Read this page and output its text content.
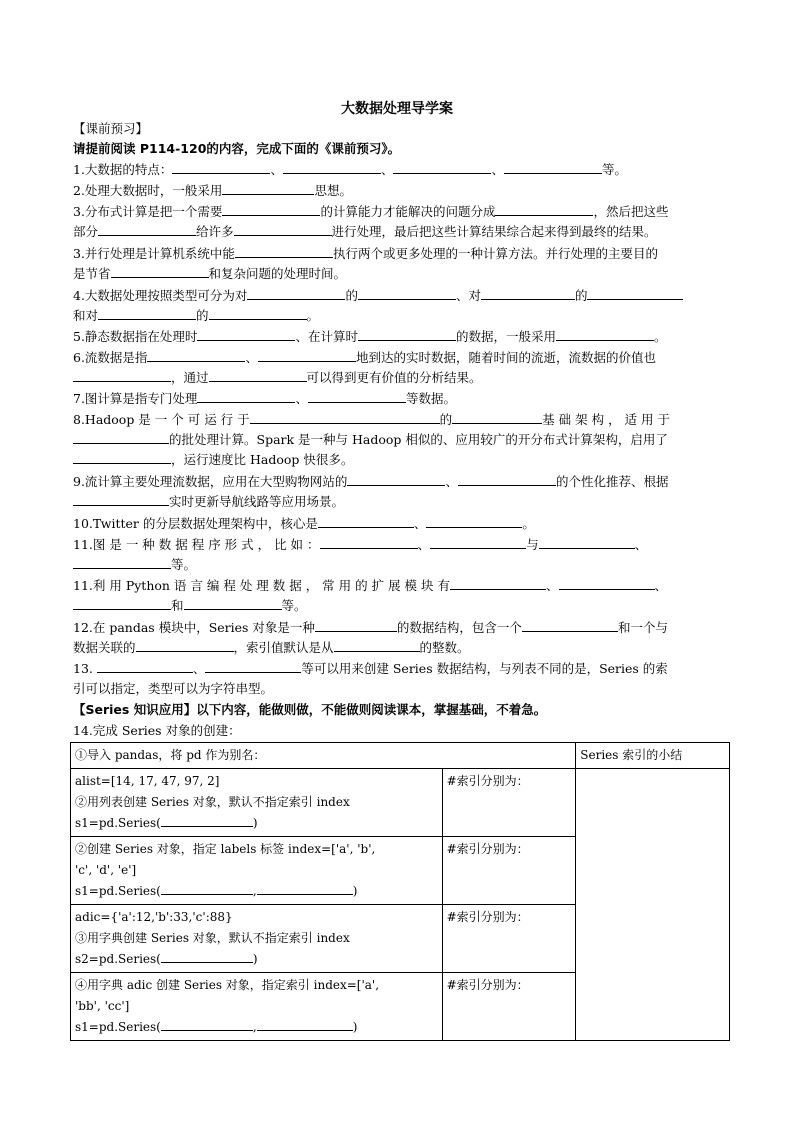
大数据处理导学案
【课前预习】
请提前阅读 P114-120的内容，完成下面的《课前预习》。
1.大数据的特点：	、	、	、	等。
2.处理大数据时，一般采用	思想。
3.分布式计算是把一个需要	的计算能力才能解决的问题分成	，然后把这些
部分	给许多	进行处理，最后把这些计算结果综合起来得到最终的结果。
3.并行处理是计算机系统中能	执行两个或更多处理的一种计算方法。并行处理的主要目的
是节省	和复杂问题的处理时间。
4.大数据处理按照类型可分为对	的	、对	的
和对	的	。
5.静态数据指在处理时	、在计算时	的数据，一般采用	。
6.流数据是指	、	地到达的实时数据，随着时间的流逝，流数据的价值也
，通过	可以得到更有价值的分析结果。
7.图计算是指专门处理	、	等数据。
8.Hadoop 是 一 个 可 运 行 于	的	基 础 架 构 ， 适 用 于
的批处理计算。Spark 是一种与 Hadoop 相似的、应用较广的开分布式计算架构，启用了
，运行速度比 Hadoop 快很多。
9.流计算主要处理流数据，应用在大型购物网站的	、	的个性化推荐、根据
实时更新导航线路等应用场景。
10.Twitter 的分层数据处理架构中，核心是	、	。
11.图 是 一 种 数 据 程 序 形 式 ， 比 如 ：	、	与	、
等。
11.利 用 Python 语 言 编 程 处 理 数 据 ， 常 用 的 扩 展 模 块 有	、	、
和	等。
12.在 pandas 模块中，Series 对象是一种	的数据结构，包含一个	和一个与
数据关联的	，索引值默认是从	的整数。
13.	、	等可以用来创建 Series 数据结构，与列表不同的是，Series 的索
引可以指定，类型可以为字符串型。
【Series 知识应用】以下内容，能做则做，不能做则阅读课本，掌握基础，不着急。
14.完成 Series 对象的创建：
①导入 pandas，将 pd 作为别名：		Series 索引的小结

alist=[14, 17, 47, 97, 2]
②用列表创建 Series 对象，默认不指定索引 index
s1=pd.Series( )	#索引分别为：	

②创建 Series 对象，指定 labels 标签 index=['a', 'b',
'c', 'd', 'e']
s1=pd.Series( , )	#索引分别为：	

adic={'a':12,'b':33,'c':88}
③用字典创建 Series 对象，默认不指定索引 index
s2=pd.Series( )	#索引分别为：	

④用字典 adic 创建 Series 对象，指定索引 index=['a',
'bb', 'cc']
s1=pd.Series( , )	#索引分别为：	
